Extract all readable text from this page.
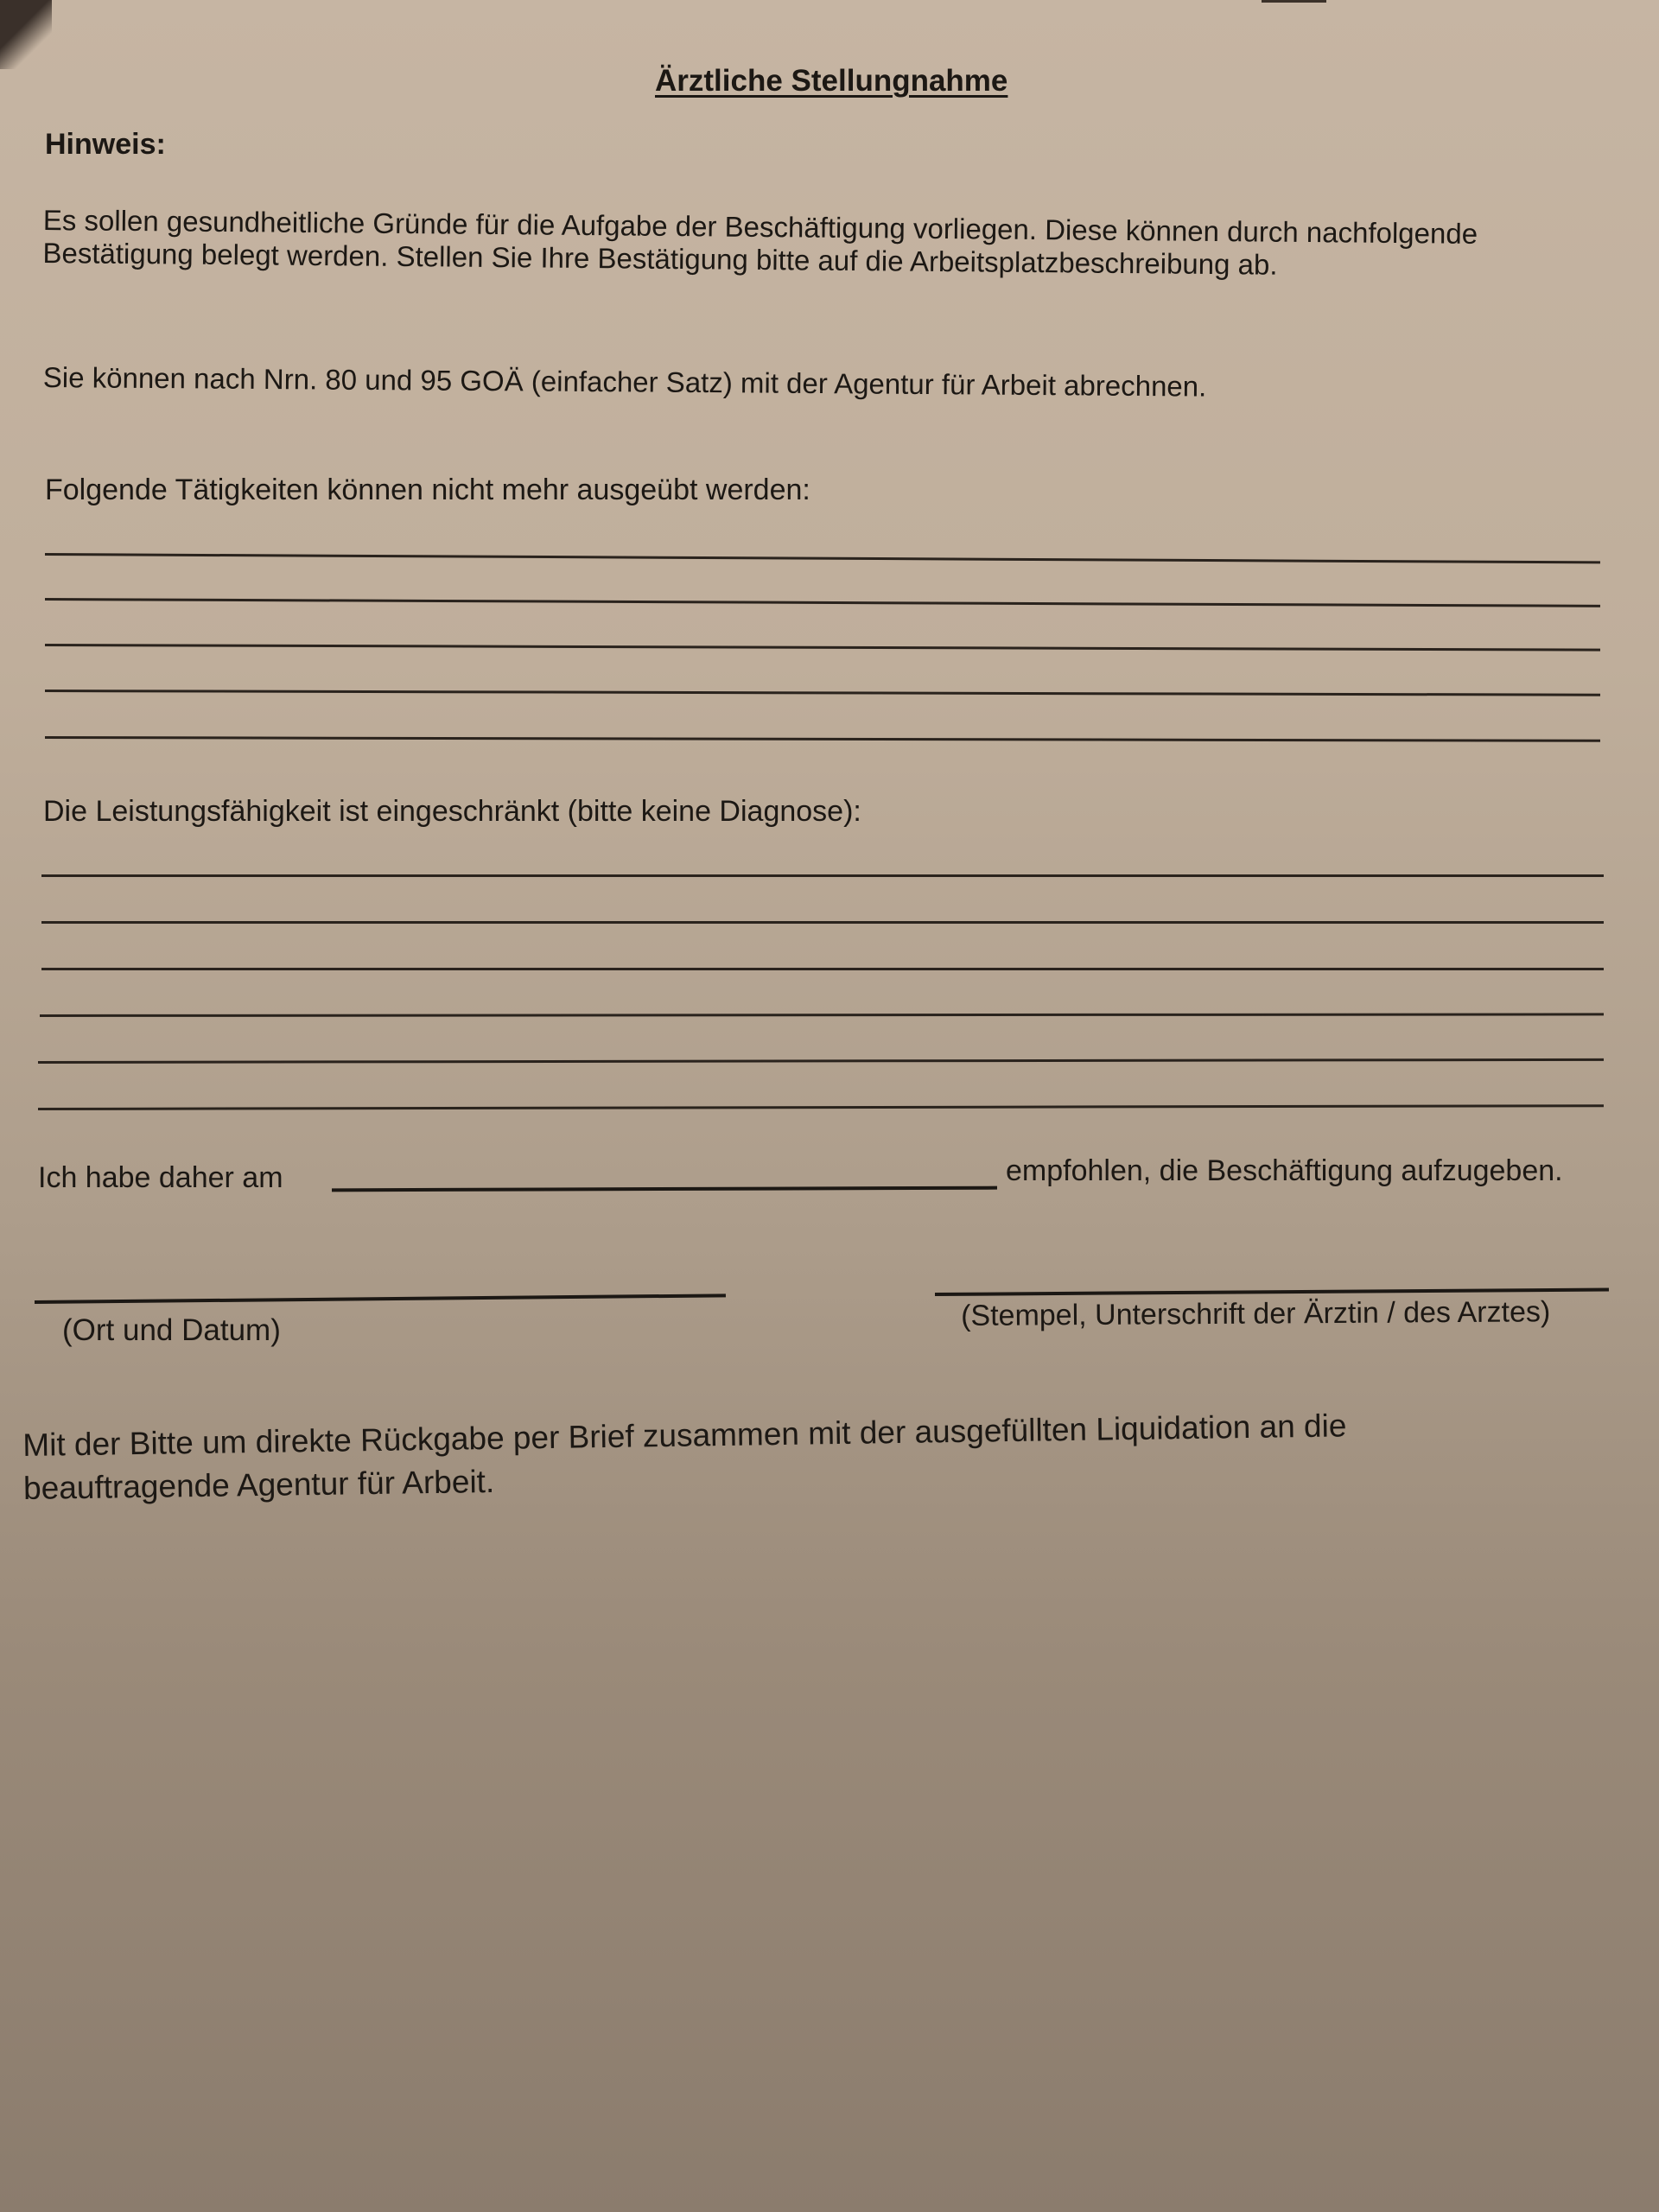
Ärztliche Stellungnahme
Hinweis:
Es sollen gesundheitliche Gründe für die Aufgabe der Beschäftigung vorliegen. Diese können durch nachfolgende Bestätigung belegt werden. Stellen Sie Ihre Bestätigung bitte auf die Arbeitsplatzbeschreibung ab.
Sie können nach Nrn. 80 und 95 GOÄ (einfacher Satz) mit der Agentur für Arbeit abrechnen.
Folgende Tätigkeiten können nicht mehr ausgeübt werden:
Die Leistungsfähigkeit ist eingeschränkt (bitte keine Diagnose):
Ich habe daher am	empfohlen, die Beschäftigung aufzugeben.
(Ort und Datum)	(Stempel, Unterschrift der Ärztin / des Arztes)
Mit der Bitte um direkte Rückgabe per Brief zusammen mit der ausgefüllten Liquidation an die
beauftragende Agentur für Arbeit.
